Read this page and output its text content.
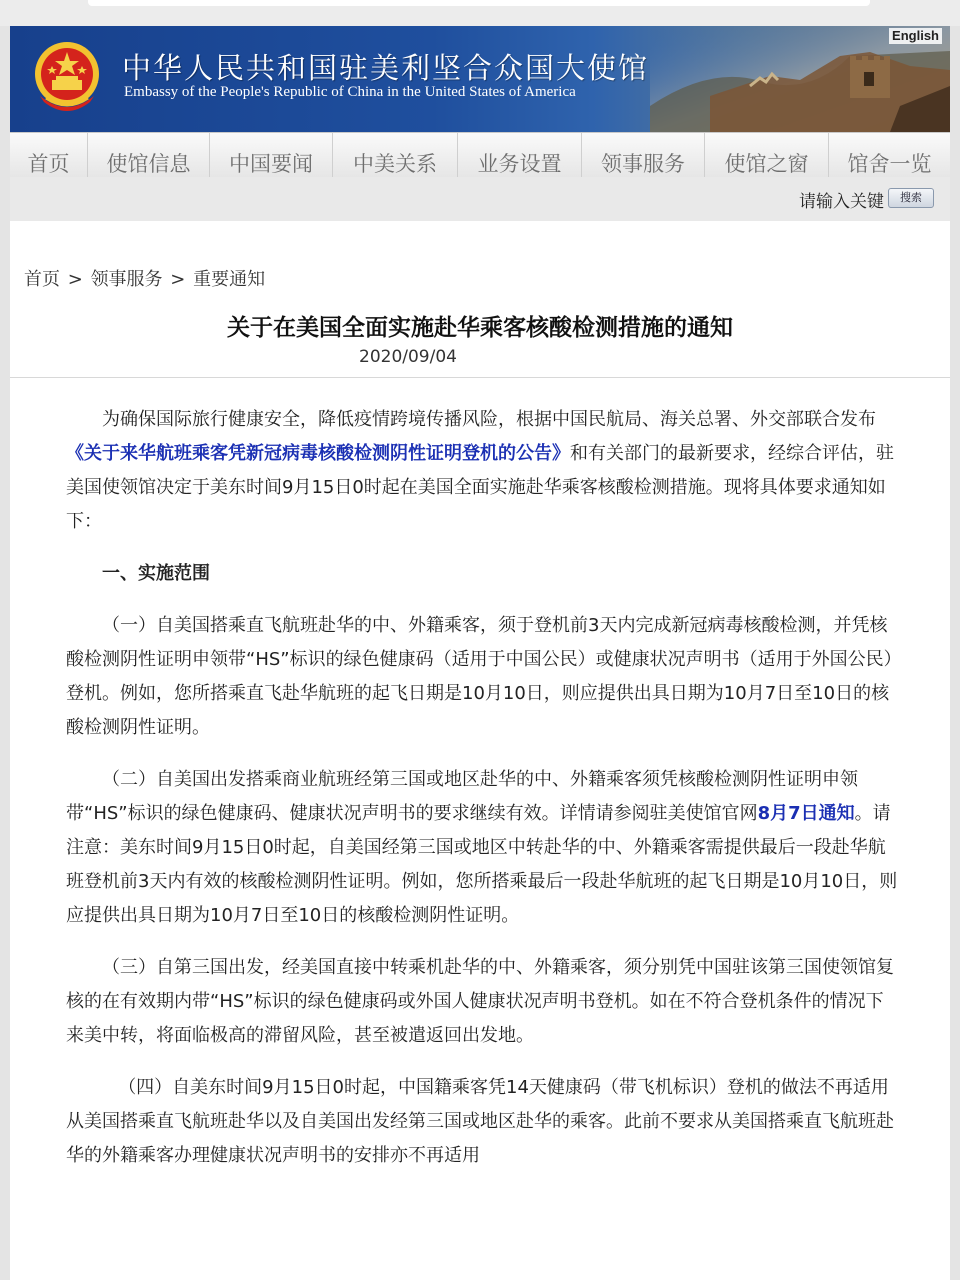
中华人民共和国驻美利坚合众国大使馆
Embassy of the People's Republic of China in the United States of America
English
首页	使馆信息	中国要闻	中美关系	业务设置	领事服务	使馆之窗	馆舍一览
请输入关键	搜索
首页 > 领事服务 > 重要通知
关于在美国全面实施赴华乘客核酸检测措施的通知
2020/09/04

为确保国际旅行健康安全，降低疫情跨境传播风险，根据中国民航局、海关总署、外交部联合发布《关于来华航班乘客凭新冠病毒核酸检测阴性证明登机的公告》和有关部门的最新要求，经综合评估，驻美国使领馆决定于美东时间9月15日0时起在美国全面实施赴华乘客核酸检测措施。现将具体要求通知如下：

一、实施范围

（一）自美国搭乘直飞航班赴华的中、外籍乘客，须于登机前3天内完成新冠病毒核酸检测，并凭核酸检测阴性证明申领带“HS”标识的绿色健康码（适用于中国公民）或健康状况声明书（适用于外国公民）登机。例如，您所搭乘直飞赴华航班的起飞日期是10月10日，则应提供出具日期为10月7日至10日的核酸检测阴性证明。

（二）自美国出发搭乘商业航班经第三国或地区赴华的中、外籍乘客须凭核酸检测阴性证明申领带“HS”标识的绿色健康码、健康状况声明书的要求继续有效。详情请参阅驻美使馆官网8月7日通知。请注意：美东时间9月15日0时起，自美国经第三国或地区中转赴华的中、外籍乘客需提供最后一段赴华航班登机前3天内有效的核酸检测阴性证明。例如，您所搭乘最后一段赴华航班的起飞日期是10月10日，则应提供出具日期为10月7日至10日的核酸检测阴性证明。

（三）自第三国出发，经美国直接中转乘机赴华的中、外籍乘客，须分别凭中国驻该第三国使领馆复核的在有效期内带“HS”标识的绿色健康码或外国人健康状况声明书登机。如在不符合登机条件的情况下来美中转，将面临极高的滞留风险，甚至被遣返回出发地。

（四）自美东时间9月15日0时起，中国籍乘客凭14天健康码（带飞机标识）登机的做法不再适用从美国搭乘直飞航班赴华以及自美国出发经第三国或地区赴华的乘客。此前不要求从美国搭乘直飞航班赴华的外籍乘客办理健康状况声明书的安排亦不再适用
